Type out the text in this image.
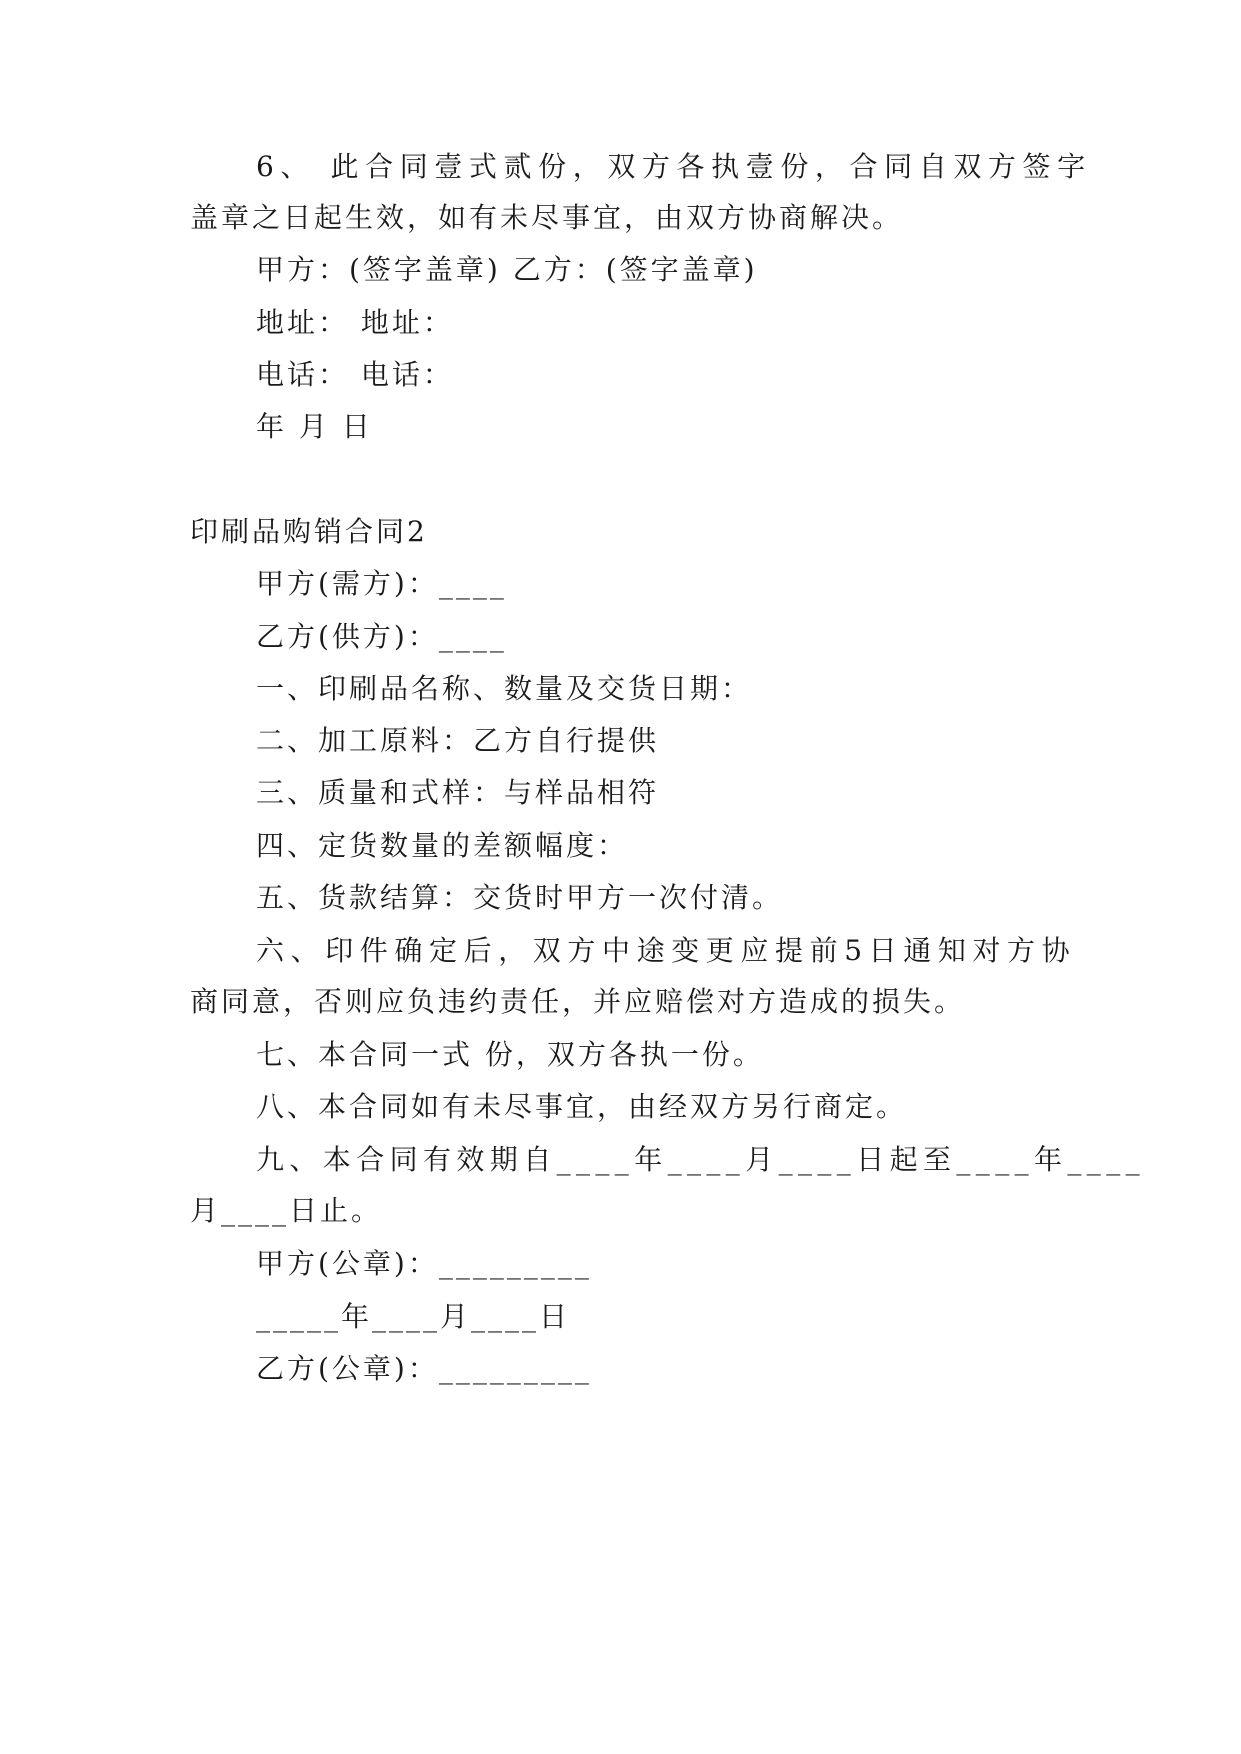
6、 此合同壹式贰份，双方各执壹份，合同自双方签字
盖章之日起生效，如有未尽事宜，由双方协商解决。
甲方：(签字盖章) 乙方：(签字盖章)
地址： 地址：
电话： 电话：
年 月 日
印刷品购销合同2
甲方(需方)：____
乙方(供方)：____
一、印刷品名称、数量及交货日期：
二、加工原料：乙方自行提供
三、质量和式样：与样品相符
四、定货数量的差额幅度：
五、货款结算：交货时甲方一次付清。
六、印件确定后，双方中途变更应提前5日通知对方协
商同意，否则应负违约责任，并应赔偿对方造成的损失。
七、本合同一式 份，双方各执一份。
八、本合同如有未尽事宜，由经双方另行商定。
九、本合同有效期自____年____月____日起至____年____
月____日止。
甲方(公章)：_________
_____年____月____日
乙方(公章)：_________
